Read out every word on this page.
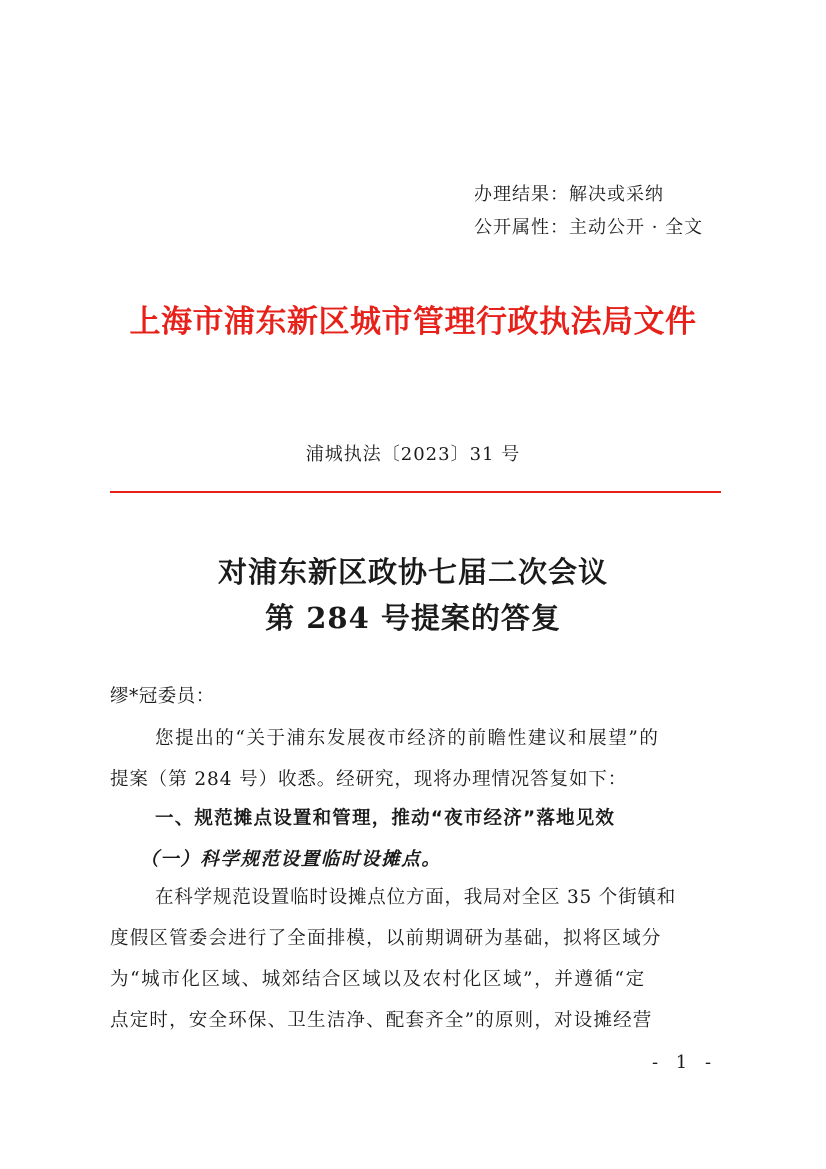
办理结果：解决或采纳
公开属性：主动公开 · 全文
上海市浦东新区城市管理行政执法局文件
浦城执法〔2023〕31 号
对浦东新区政协七届二次会议
第 284 号提案的答复
缪*冠委员：
您提出的“关于浦东发展夜市经济的前瞻性建议和展望”的
提案（第 284 号）收悉。经研究，现将办理情况答复如下：
一、规范摊点设置和管理，推动“夜市经济”落地见效
（一）科学规范设置临时设摊点。
在科学规范设置临时设摊点位方面，我局对全区 35 个街镇和
度假区管委会进行了全面排模，以前期调研为基础，拟将区域分
为“城市化区域、城郊结合区域以及农村化区域”，并遵循“定
点定时，安全环保、卫生洁净、配套齐全”的原则，对设摊经营
- 1 -
